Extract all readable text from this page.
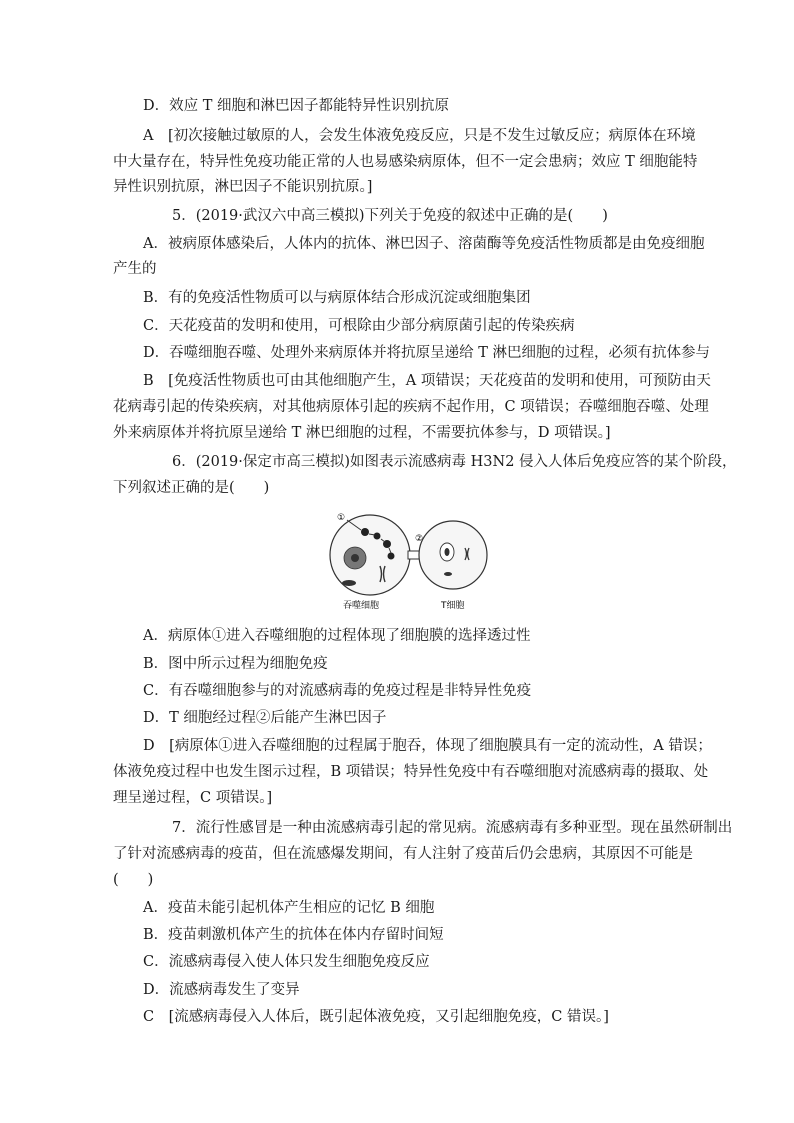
D．效应 T 细胞和淋巴因子都能特异性识别抗原
A　[初次接触过敏原的人，会发生体液免疫反应，只是不发生过敏反应；病原体在环境
中大量存在，特异性免疫功能正常的人也易感染病原体，但不一定会患病；效应 T 细胞能特
异性识别抗原，淋巴因子不能识别抗原。]
5．(2019·武汉六中高三模拟)下列关于免疫的叙述中正确的是(　　)
A．被病原体感染后，人体内的抗体、淋巴因子、溶菌酶等免疫活性物质都是由免疫细胞
产生的
B．有的免疫活性物质可以与病原体结合形成沉淀或细胞集团
C．天花疫苗的发明和使用，可根除由少部分病原菌引起的传染疾病
D．吞噬细胞吞噬、处理外来病原体并将抗原呈递给 T 淋巴细胞的过程，必须有抗体参与
B　[免疫活性物质也可由其他细胞产生，A 项错误；天花疫苗的发明和使用，可预防由天
花病毒引起的传染疾病，对其他病原体引起的疾病不起作用，C 项错误；吞噬细胞吞噬、处理
外来病原体并将抗原呈递给 T 淋巴细胞的过程，不需要抗体参与，D 项错误。]
6．(2019·保定市高三模拟)如图表示流感病毒 H3N2 侵入人体后免疫应答的某个阶段，
下列叙述正确的是(　　)
①
②
吞噬细胞	T细胞
A．病原体①进入吞噬细胞的过程体现了细胞膜的选择透过性
B．图中所示过程为细胞免疫
C．有吞噬细胞参与的对流感病毒的免疫过程是非特异性免疫
D．T 细胞经过程②后能产生淋巴因子
D　[病原体①进入吞噬细胞的过程属于胞吞，体现了细胞膜具有一定的流动性，A 错误；
体液免疫过程中也发生图示过程，B 项错误；特异性免疫中有吞噬细胞对流感病毒的摄取、处
理呈递过程，C 项错误。]
7．流行性感冒是一种由流感病毒引起的常见病。流感病毒有多种亚型。现在虽然研制出
了针对流感病毒的疫苗，但在流感爆发期间，有人注射了疫苗后仍会患病，其原因不可能是
(　　)
A．疫苗未能引起机体产生相应的记忆 B 细胞
B．疫苗刺激机体产生的抗体在体内存留时间短
C．流感病毒侵入使人体只发生细胞免疫反应
D．流感病毒发生了变异
C　[流感病毒侵入人体后，既引起体液免疫，又引起细胞免疫，C 错误。]
